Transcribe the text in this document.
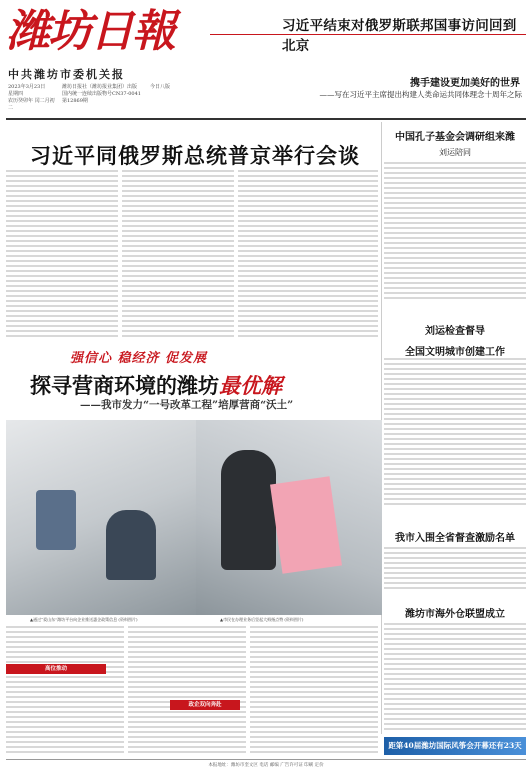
潍坊日報
中共潍坊市委机关报
2023年3月23日
星期四
农历癸卯年 闰二月初二
潍坊日报社（潍坊报业集团）出版
国内统一连续出版物号CN37-0041
第12869期
今日八版
习近平结束对俄罗斯联邦国事访问回到北京
携手建设更加美好的世界
——写在习近平主席提出构建人类命运共同体理念十周年之际
习近平同俄罗斯总统普京举行会谈
中国孔子基金会调研组来潍
刘运陪同
刘运检查督导
全国文明城市创建工作
我市入围全省督查激励名单
潍坊市海外仓联盟成立
强信心 稳经济 促发展
探寻营商环境的潍坊最优解
——我市发力“一号改革工程”培厚营商“沃土”
▲通过“爱山东”潍坊平台向企业推送惠企政策信息 (资料图片)	▲市民在办理业务后竖起大拇指点赞 (资料图片)
高位推动
政企双向奔赴
距第40届潍坊国际风筝会开幕还有23天
本报地址：潍坊市奎文区 电话 邮编 广告许可证 印刷 定价
